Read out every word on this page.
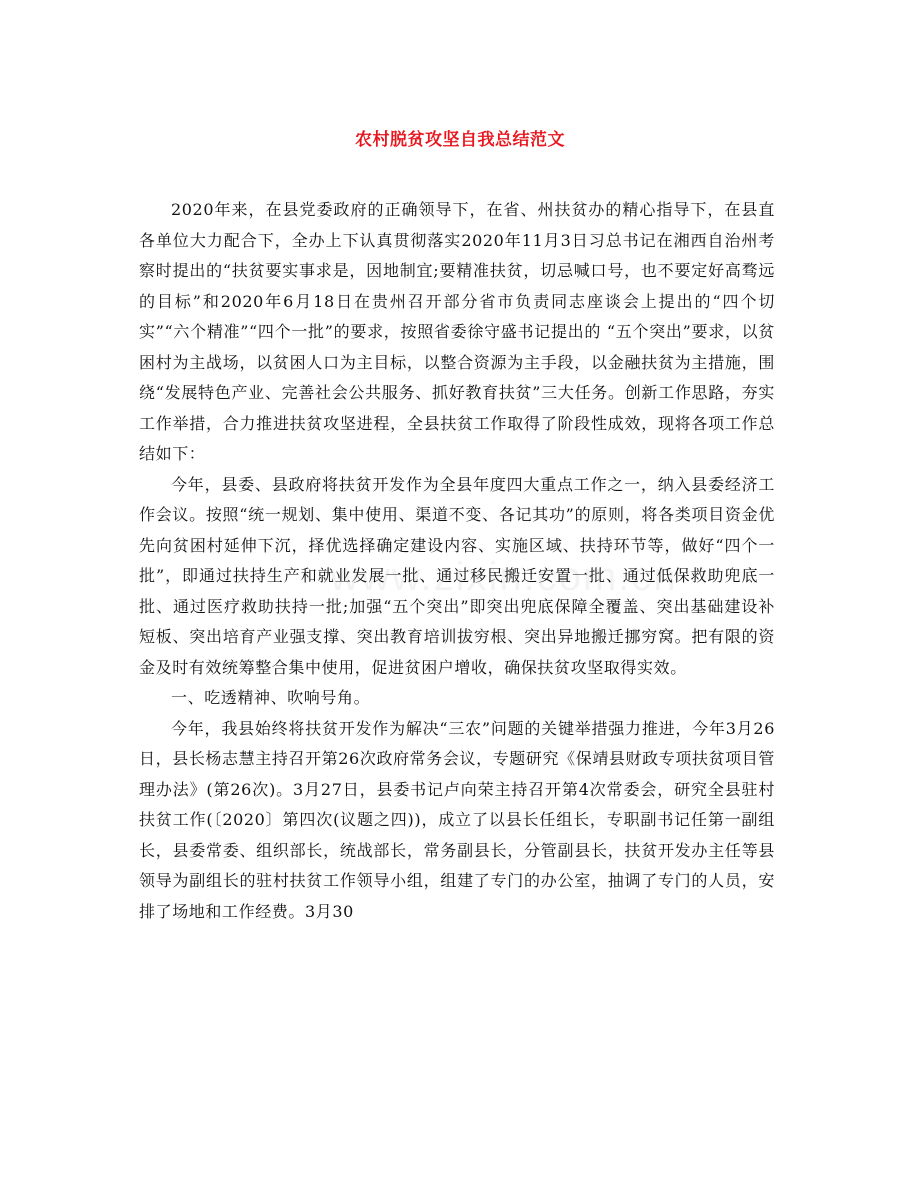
农村脱贫攻坚自我总结范文

2020年来，在县党委政府的正确领导下，在省、州扶贫办的精心指导下，在县直各单位大力配合下，全办上下认真贯彻落实2020年11月3日习总书记在湘西自治州考察时提出的“扶贫要实事求是，因地制宜;要精准扶贫，切忌喊口号，也不要定好高骛远的目标”和2020年6月18日在贵州召开部分省市负责同志座谈会上提出的“四个切实”“六个精准”“四个一批”的要求，按照省委徐守盛书记提出的 “五个突出”要求，以贫困村为主战场，以贫困人口为主目标，以整合资源为主手段，以金融扶贫为主措施，围绕“发展特色产业、完善社会公共服务、抓好教育扶贫”三大任务。创新工作思路，夯实工作举措，合力推进扶贫攻坚进程，全县扶贫工作取得了阶段性成效，现将各项工作总结如下：

今年，县委、县政府将扶贫开发作为全县年度四大重点工作之一，纳入县委经济工作会议。按照“统一规划、集中使用、渠道不变、各记其功”的原则，将各类项目资金优先向贫困村延伸下沉，择优选择确定建设内容、实施区域、扶持环节等，做好“四个一批”，即通过扶持生产和就业发展一批、通过移民搬迁安置一批、通过低保救助兜底一批、通过医疗救助扶持一批;加强“五个突出”即突出兜底保障全覆盖、突出基础建设补短板、突出培育产业强支撑、突出教育培训拔穷根、突出异地搬迁挪穷窝。把有限的资金及时有效统筹整合集中使用，促进贫困户增收，确保扶贫攻坚取得实效。

一、吃透精神、吹响号角。

今年，我县始终将扶贫开发作为解决“三农”问题的关键举措强力推进，今年3月26日，县长杨志慧主持召开第26次政府常务会议，专题研究《保靖县财政专项扶贫项目管理办法》(第26次)。3月27日，县委书记卢向荣主持召开第4次常委会，研究全县驻村扶贫工作(〔2020〕第四次(议题之四))，成立了以县长任组长，专职副书记任第一副组长，县委常委、组织部长，统战部长，常务副县长，分管副县长，扶贫开发办主任等县领导为副组长的驻村扶贫工作领导小组，组建了专门的办公室，抽调了专门的人员，安排了场地和工作经费。3月30
